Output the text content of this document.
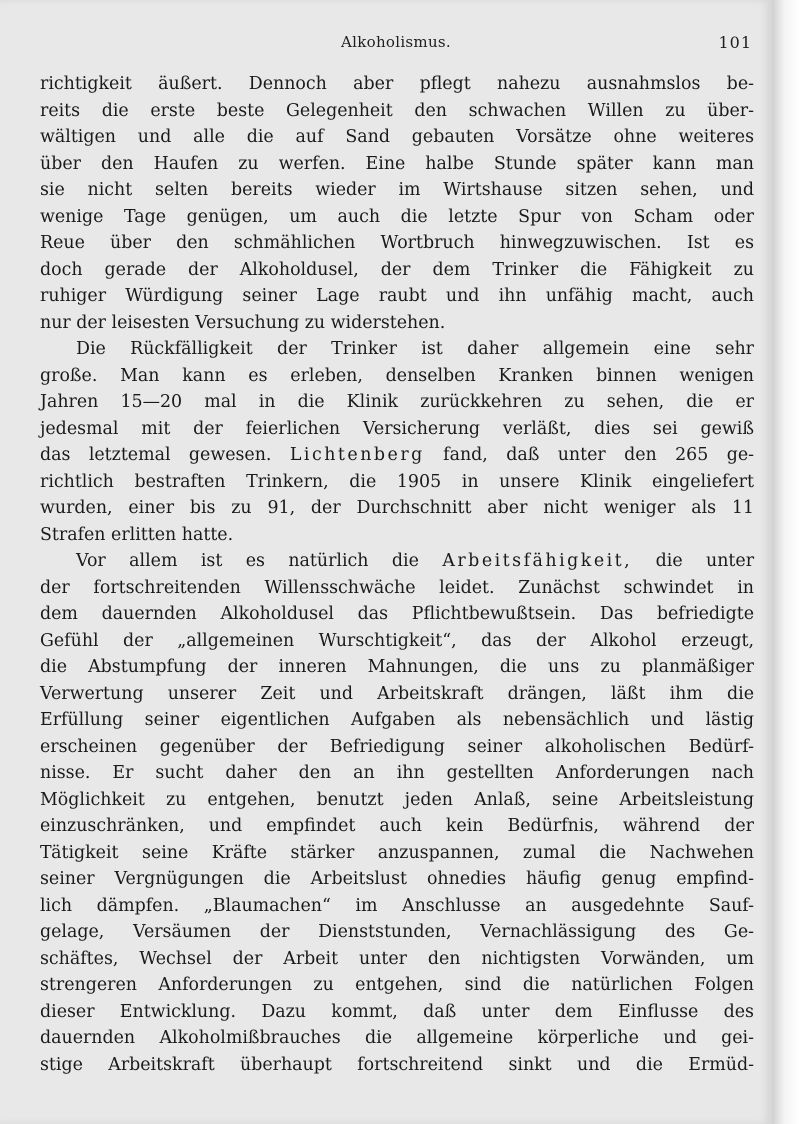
Alkoholismus.	101
richtigkeit äußert. Dennoch aber pflegt nahezu ausnahmslos be-
reits die erste beste Gelegenheit den schwachen Willen zu über-
wältigen und alle die auf Sand gebauten Vorsätze ohne weiteres
über den Haufen zu werfen. Eine halbe Stunde später kann man
sie nicht selten bereits wieder im Wirtshause sitzen sehen, und
wenige Tage genügen, um auch die letzte Spur von Scham oder
Reue über den schmählichen Wortbruch hinwegzuwischen. Ist es
doch gerade der Alkoholdusel, der dem Trinker die Fähigkeit zu
ruhiger Würdigung seiner Lage raubt und ihn unfähig macht, auch
nur der leisesten Versuchung zu widerstehen.
Die Rückfälligkeit der Trinker ist daher allgemein eine sehr
große. Man kann es erleben, denselben Kranken binnen wenigen
Jahren 15—20 mal in die Klinik zurückkehren zu sehen, die er
jedesmal mit der feierlichen Versicherung verläßt, dies sei gewiß
das letztemal gewesen. Lichtenberg fand, daß unter den 265 ge-
richtlich bestraften Trinkern, die 1905 in unsere Klinik eingeliefert
wurden, einer bis zu 91, der Durchschnitt aber nicht weniger als 11
Strafen erlitten hatte.
Vor allem ist es natürlich die Arbeitsfähigkeit, die unter
der fortschreitenden Willensschwäche leidet. Zunächst schwindet in
dem dauernden Alkoholdusel das Pflichtbewußtsein. Das befriedigte
Gefühl der „allgemeinen Wurschtigkeit“, das der Alkohol erzeugt,
die Abstumpfung der inneren Mahnungen, die uns zu planmäßiger
Verwertung unserer Zeit und Arbeitskraft drängen, läßt ihm die
Erfüllung seiner eigentlichen Aufgaben als nebensächlich und lästig
erscheinen gegenüber der Befriedigung seiner alkoholischen Bedürf-
nisse. Er sucht daher den an ihn gestellten Anforderungen nach
Möglichkeit zu entgehen, benutzt jeden Anlaß, seine Arbeitsleistung
einzuschränken, und empfindet auch kein Bedürfnis, während der
Tätigkeit seine Kräfte stärker anzuspannen, zumal die Nachwehen
seiner Vergnügungen die Arbeitslust ohnedies häufig genug empfind-
lich dämpfen. „Blaumachen“ im Anschlusse an ausgedehnte Sauf-
gelage, Versäumen der Dienststunden, Vernachlässigung des Ge-
schäftes, Wechsel der Arbeit unter den nichtigsten Vorwänden, um
strengeren Anforderungen zu entgehen, sind die natürlichen Folgen
dieser Entwicklung. Dazu kommt, daß unter dem Einflusse des
dauernden Alkoholmißbrauches die allgemeine körperliche und gei-
stige Arbeitskraft überhaupt fortschreitend sinkt und die Ermüd-
